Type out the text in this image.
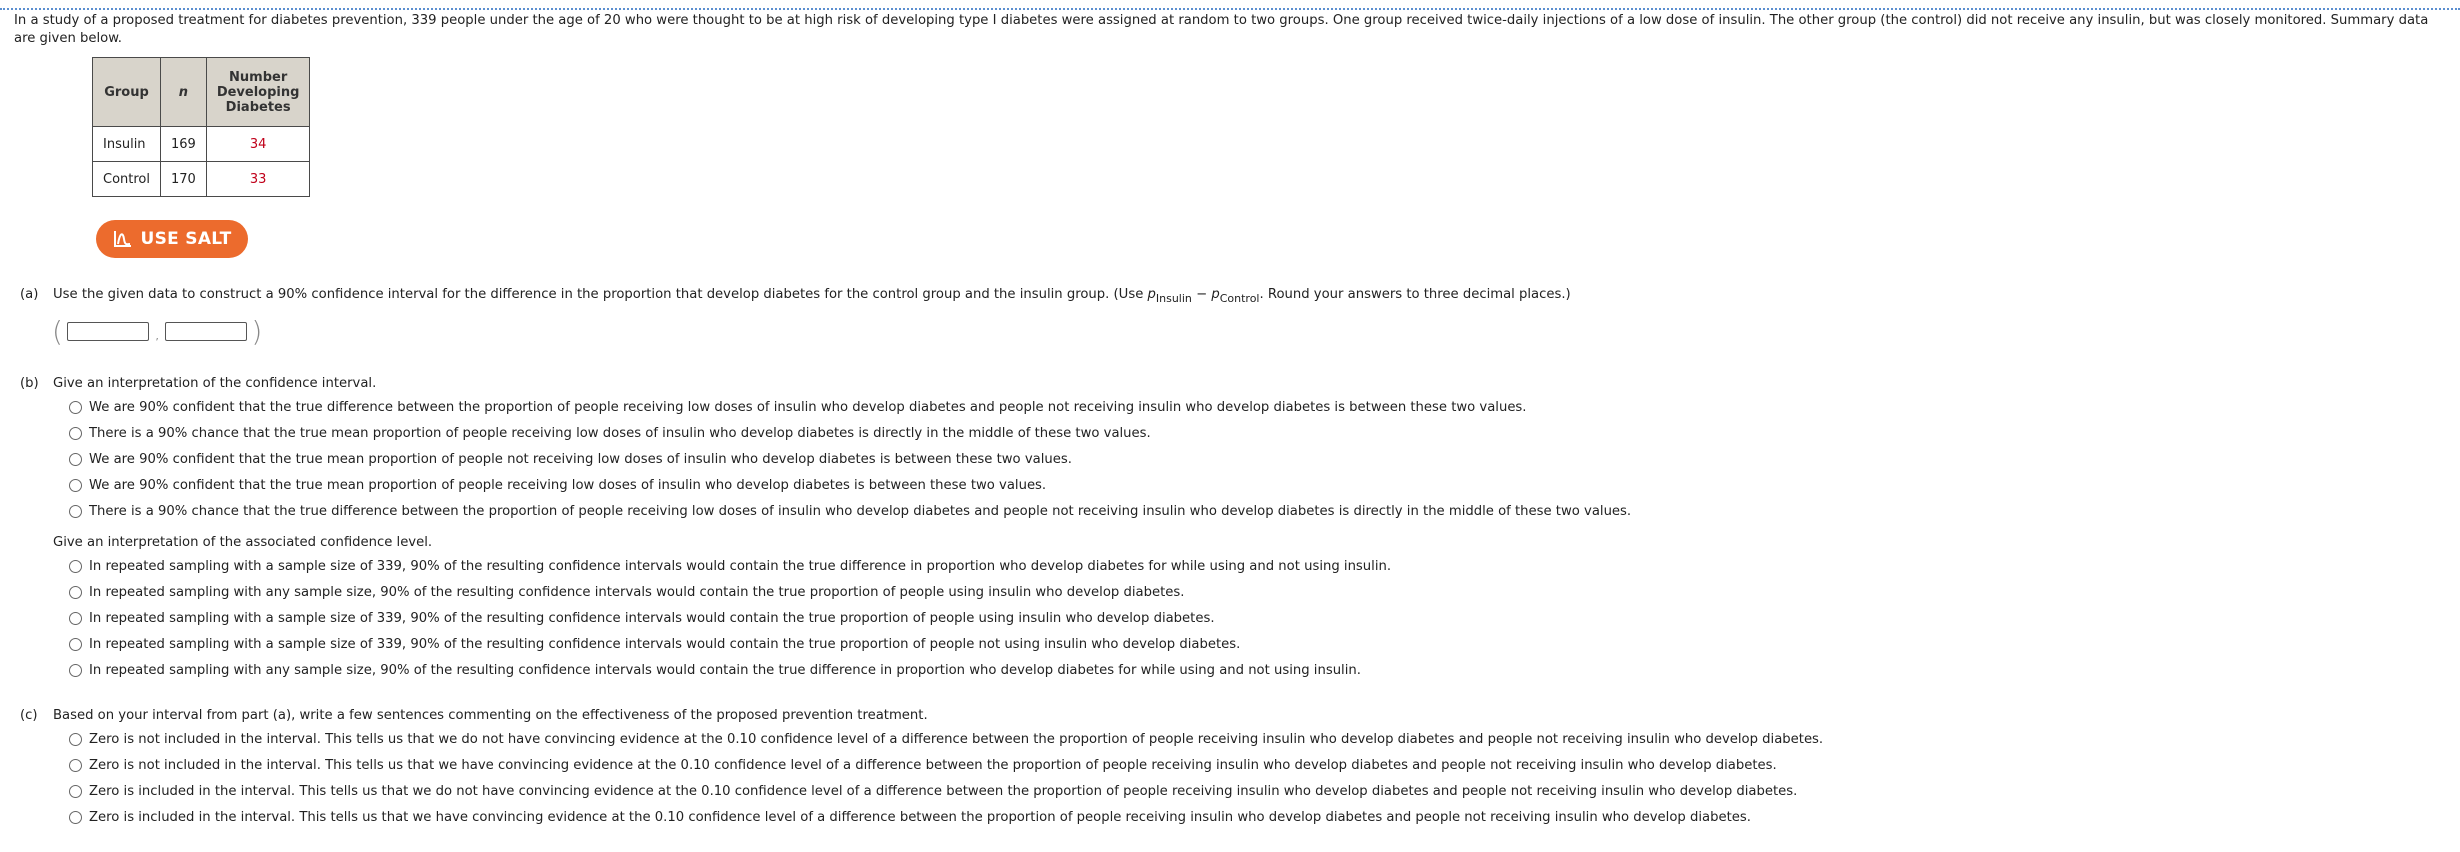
In a study of a proposed treatment for diabetes prevention, 339 people under the age of 20 who were thought to be at high risk of developing type I diabetes were assigned at random to two groups. One group received twice-daily injections of a low dose of insulin. The other group (the control) did not receive any insulin, but was closely monitored. Summary data are given below.
Group	n	Number Developing Diabetes
Insulin	169	34
Control	170	33
USE SALT
(a) Use the given data to construct a 90% confidence interval for the difference in the proportion that develop diabetes for the control group and the insulin group. (Use $p_{Insulin} - p_{Control}$. Round your answers to three decimal places.)
(	,	)
(b) Give an interpretation of the confidence interval.
We are 90% confident that the true difference between the proportion of people receiving low doses of insulin who develop diabetes and people not receiving insulin who develop diabetes is between these two values.
There is a 90% chance that the true mean proportion of people receiving low doses of insulin who develop diabetes is directly in the middle of these two values.
We are 90% confident that the true mean proportion of people not receiving low doses of insulin who develop diabetes is between these two values.
We are 90% confident that the true mean proportion of people receiving low doses of insulin who develop diabetes is between these two values.
There is a 90% chance that the true difference between the proportion of people receiving low doses of insulin who develop diabetes and people not receiving insulin who develop diabetes is directly in the middle of these two values.
Give an interpretation of the associated confidence level.
In repeated sampling with a sample size of 339, 90% of the resulting confidence intervals would contain the true difference in proportion who develop diabetes for while using and not using insulin.
In repeated sampling with any sample size, 90% of the resulting confidence intervals would contain the true proportion of people using insulin who develop diabetes.
In repeated sampling with a sample size of 339, 90% of the resulting confidence intervals would contain the true proportion of people using insulin who develop diabetes.
In repeated sampling with a sample size of 339, 90% of the resulting confidence intervals would contain the true proportion of people not using insulin who develop diabetes.
In repeated sampling with any sample size, 90% of the resulting confidence intervals would contain the true difference in proportion who develop diabetes for while using and not using insulin.
(c) Based on your interval from part (a), write a few sentences commenting on the effectiveness of the proposed prevention treatment.
Zero is not included in the interval. This tells us that we do not have convincing evidence at the 0.10 confidence level of a difference between the proportion of people receiving insulin who develop diabetes and people not receiving insulin who develop diabetes.
Zero is not included in the interval. This tells us that we have convincing evidence at the 0.10 confidence level of a difference between the proportion of people receiving insulin who develop diabetes and people not receiving insulin who develop diabetes.
Zero is included in the interval. This tells us that we do not have convincing evidence at the 0.10 confidence level of a difference between the proportion of people receiving insulin who develop diabetes and people not receiving insulin who develop diabetes.
Zero is included in the interval. This tells us that we have convincing evidence at the 0.10 confidence level of a difference between the proportion of people receiving insulin who develop diabetes and people not receiving insulin who develop diabetes.
